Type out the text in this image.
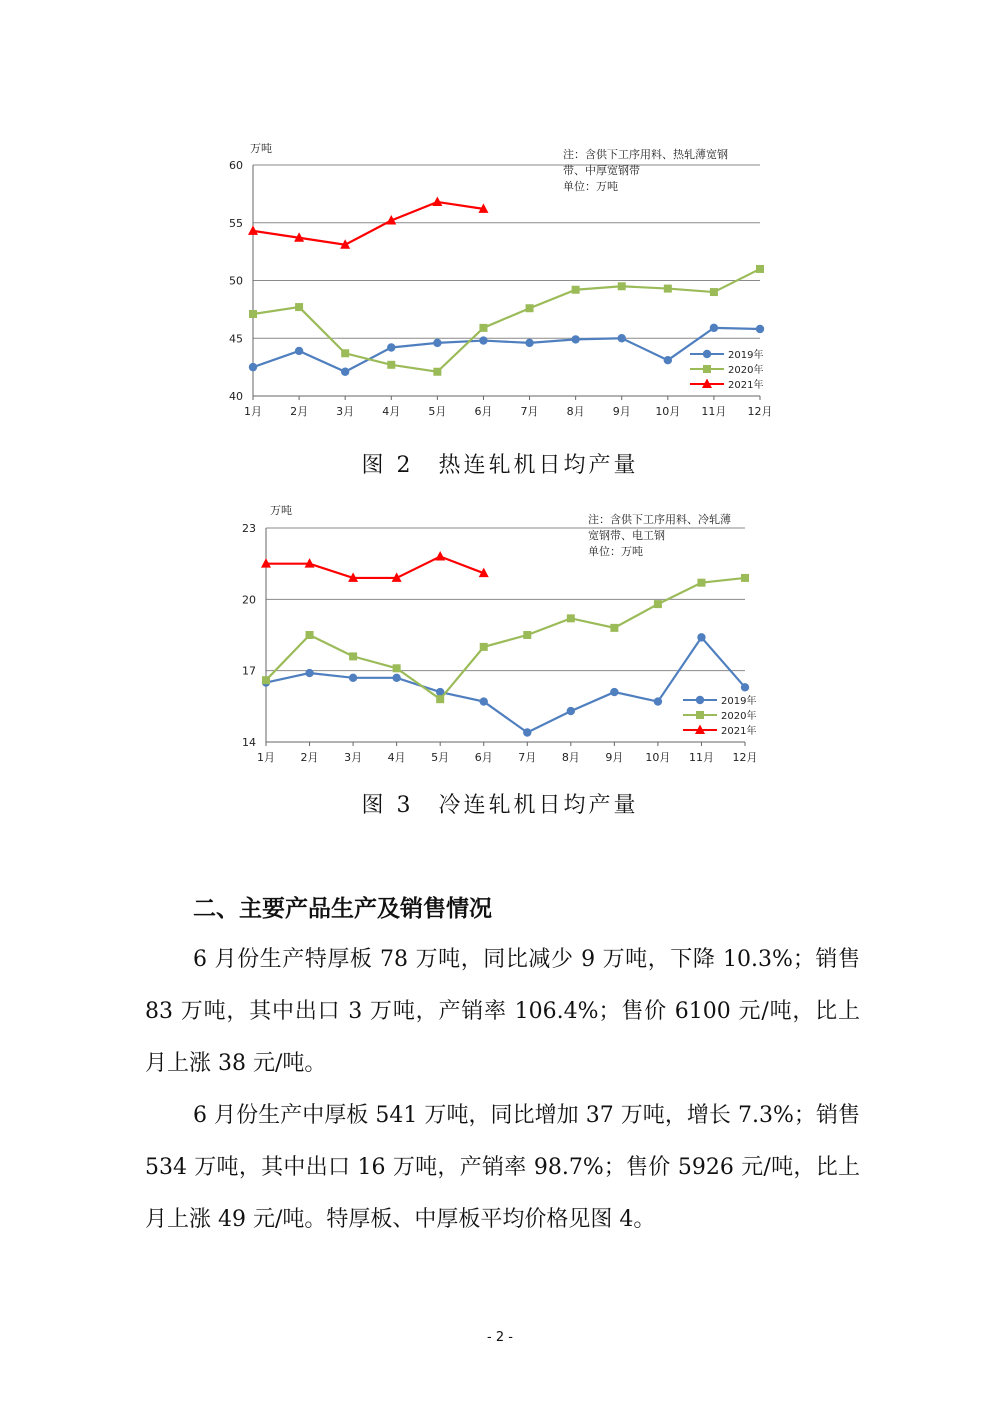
40
45
50
55
60
1月	2月	3月	4月	5月	6月	7月	8月	9月 10月 11月 12月
万吨	注：含供下工序用料、热轧薄宽钢
带、中厚宽钢带
单位：万吨
2019年
2020年
2021年
图 2　热连轧机日均产量
14
17
20
23
1月 2月 3月 4月 5月 6月 7月 8月 9月 10月 11月 12月
万吨
注：含供下工序用料、冷轧薄
宽钢带、电工钢
单位：万吨
2019年
2020年
2021年
图 3　冷连轧机日均产量
二、主要产品生产及销售情况

6 月份生产特厚板 78 万吨，同比减少 9 万吨，下降 10.3%；销售 83 万吨，其中出口 3 万吨，产销率 106.4%；售价 6100 元/吨，比上月上涨 38 元/吨。

6 月份生产中厚板 541 万吨，同比增加 37 万吨，增长 7.3%；销售 534 万吨，其中出口 16 万吨，产销率 98.7%；售价 5926 元/吨，比上月上涨 49 元/吨。特厚板、中厚板平均价格见图 4。

- 2 -
